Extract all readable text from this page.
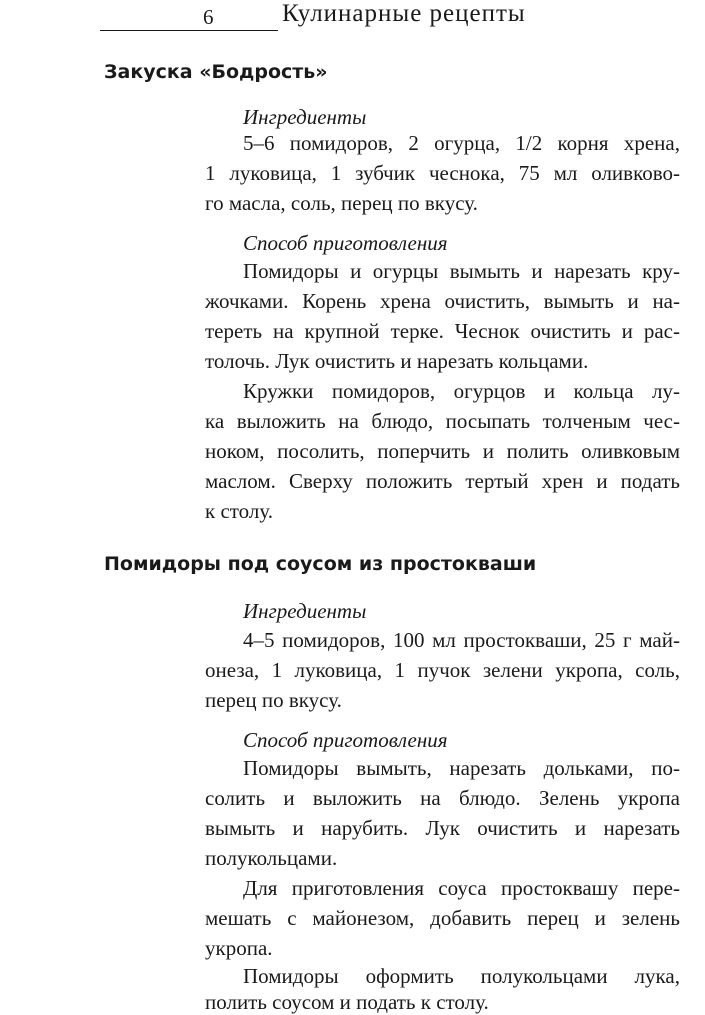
6	Кулинарные рецепты
Закуска «Бодрость»
Ингредиенты
5–6 помидоров, 2 огурца, 1/2 корня хрена,
1 луковица, 1 зубчик чеснока, 75 мл оливково-
го масла, соль, перец по вкусу.
Способ приготовления
Помидоры и огурцы вымыть и нарезать кру-
жочками. Корень хрена очистить, вымыть и на-
тереть на крупной терке. Чеснок очистить и рас-
толочь. Лук очистить и нарезать кольцами.
Кружки помидоров, огурцов и кольца лу-
ка выложить на блюдо, посыпать толченым чес-
ноком, посолить, поперчить и полить оливковым
маслом. Сверху положить тертый хрен и подать
к столу.
Помидоры под соусом из простокваши
Ингредиенты
4–5 помидоров, 100 мл простокваши, 25 г май-
онеза, 1 луковица, 1 пучок зелени укропа, соль,
перец по вкусу.
Способ приготовления
Помидоры вымыть, нарезать дольками, по-
солить и выложить на блюдо. Зелень укропа
вымыть и нарубить. Лук очистить и нарезать
полукольцами.
Для приготовления соуса простоквашу пере-
мешать с майонезом, добавить перец и зелень
укропа.
Помидоры оформить полукольцами лука,
полить соусом и подать к столу.
